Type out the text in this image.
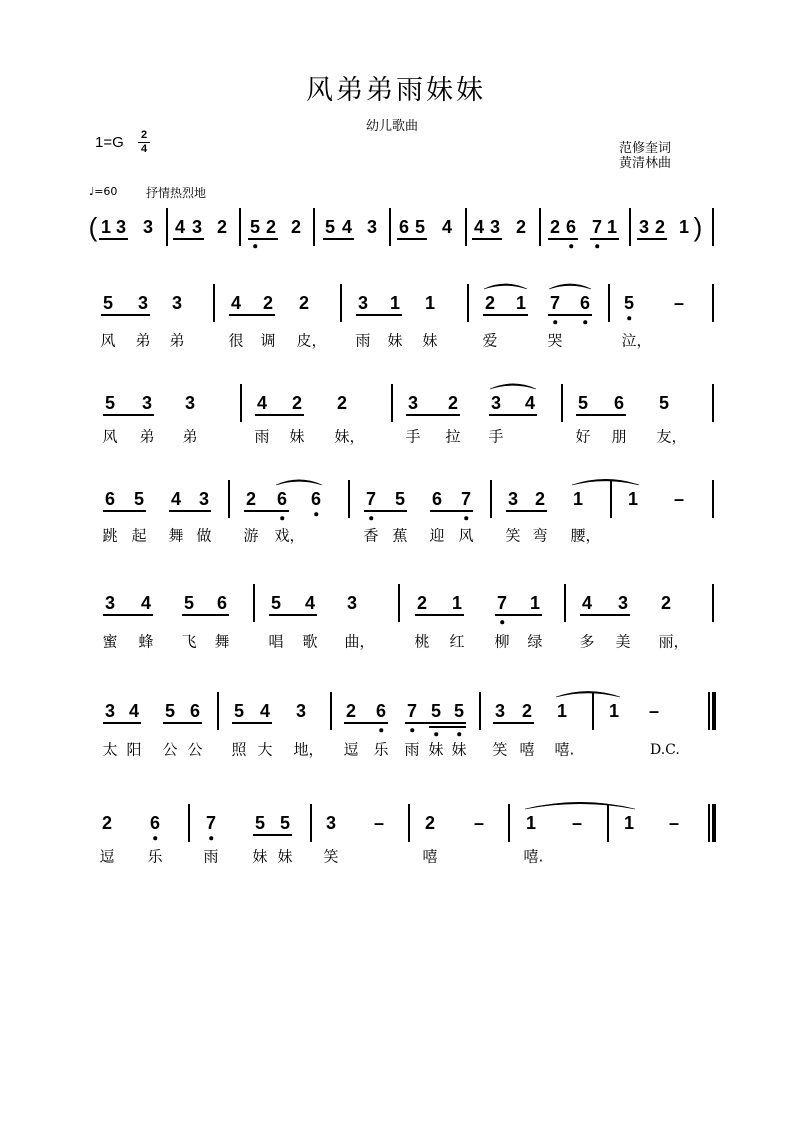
风弟弟雨妹妹
幼儿歌曲
1=G 2
4	范修奎词
黄清林曲
♩=60 抒情热烈地
1 3 3 4 3 2 5 2 2 5 4 3 6 5 4 4 3 2 2 6 7 1 3 2 1
(	)
5 3 3	4 2 2	3 1 1	2 1 7 6 5 –
风 弟 弟	很 调 皮， 雨 妹 妹	爱	哭	泣，
5 3 3	4 2 2	3 2 3 4 5 6 5
风 弟 弟	雨 妹 妹，	手 拉 手	好 朋 友，
6 5 4 3 2 6 6 7 5 6 7 3 2 1 1 –
跳 起 舞 做 游 戏，	香 蕉 迎 风 笑 弯 腰，
3 4 5 6 5 4 3	2 1 7 1 4 3 2
蜜 蜂 飞 舞	唱 歌 曲，	桃 红 柳 绿 多 美 丽，
3 4 5 6 5 4 3 2 6 7 5 5 3 2 1 1 –
太 阳 公 公 照 大 地， 逗 乐 雨 妹 妹 笑 嘻 嘻.	D.C.
2 6	7 5 5 3 – 2 – 1 – 1 –
逗 乐	雨 妹 妹 笑	嘻	嘻.
